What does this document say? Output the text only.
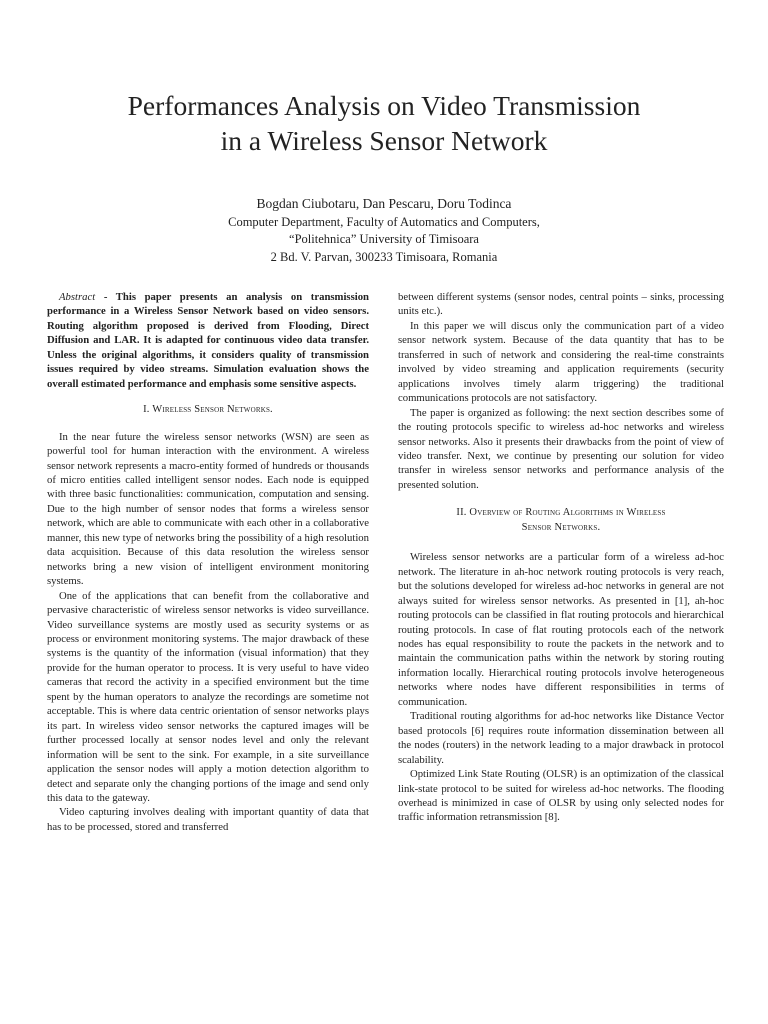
Performances Analysis on Video Transmission
in a Wireless Sensor Network
Bogdan Ciubotaru, Dan Pescaru, Doru Todinca
Computer Department, Faculty of Automatics and Computers,
“Politehnica” University of Timisoara
2 Bd. V. Parvan, 300233 Timisoara, Romania

Abstract - This paper presents an analysis on transmission performance in a Wireless Sensor Network based on video sensors. Routing algorithm proposed is derived from Flooding, Direct Diffusion and LAR. It is adapted for continuous video data transfer. Unless the original algorithms, it considers quality of transmission issues required by video streams. Simulation evaluation shows the overall estimated performance and emphasis some sensitive aspects.

I. Wireless Sensor Networks.

In the near future the wireless sensor networks (WSN) are seen as powerful tool for human interaction with the environment. A wireless sensor network represents a macro-entity formed of hundreds or thousands of micro entities called intelligent sensor nodes. Each node is equipped with three basic functionalities: communication, computation and sensing. Due to the high number of sensor nodes that forms a wireless sensor network, which are able to communicate with each other in a collaborative manner, this new type of networks bring the possibility of a high resolution data acquisition. Because of this data resolution the wireless sensor networks bring a new vision of intelligent environment monitoring systems.

One of the applications that can benefit from the collaborative and pervasive characteristic of wireless sensor networks is video surveillance. Video surveillance systems are mostly used as security systems or as process or environment monitoring systems. The major drawback of these systems is the quantity of the information (visual information) that they provide for the human operator to process. It is very useful to have video cameras that record the activity in a specified environment but the time spent by the human operators to analyze the recordings are sometime not acceptable. This is where data centric orientation of sensor networks plays its part. In wireless video sensor networks the captured images will be further processed locally at sensor nodes level and only the relevant information will be sent to the sink. For example, in a site surveillance application the sensor nodes will apply a motion detection algorithm to detect and separate only the changing portions of the image and send only this data to the gateway.

Video capturing involves dealing with important quantity of data that has to be processed, stored and transferred

between different systems (sensor nodes, central points – sinks, processing units etc.).

In this paper we will discus only the communication part of a video sensor network system. Because of the data quantity that has to be transferred in such of network and considering the real-time constraints involved by video streaming and application requirements (security applications involves timely alarm triggering) the traditional communications protocols are not satisfactory.

The paper is organized as following: the next section describes some of the routing protocols specific to wireless ad-hoc networks and wireless sensor networks. Also it presents their drawbacks from the point of view of video transfer. Next, we continue by presenting our solution for video transfer in wireless sensor networks and performance analysis of the presented solution.

II. Overview of Routing Algorithms in Wireless
Sensor Networks.

Wireless sensor networks are a particular form of a wireless ad-hoc network. The literature in ah-hoc network routing protocols is very reach, but the solutions developed for wireless ad-hoc networks in general are not always suited for wireless sensor networks. As presented in [1], ah-hoc routing protocols can be classified in flat routing protocols and hierarchical routing protocols. In case of flat routing protocols each of the network nodes has equal responsibility to route the packets in the network and to maintain the communication paths within the network by storing routing information locally. Hierarchical routing protocols involve heterogeneous networks where nodes have different responsibilities in terms of communication.

Traditional routing algorithms for ad-hoc networks like Distance Vector based protocols [6] requires route information dissemination between all the nodes (routers) in the network leading to a major drawback in protocol scalability.

Optimized Link State Routing (OLSR) is an optimization of the classical link-state protocol to be suited for wireless ad-hoc networks. The flooding overhead is minimized in case of OLSR by using only selected nodes for traffic information retransmission [8].
